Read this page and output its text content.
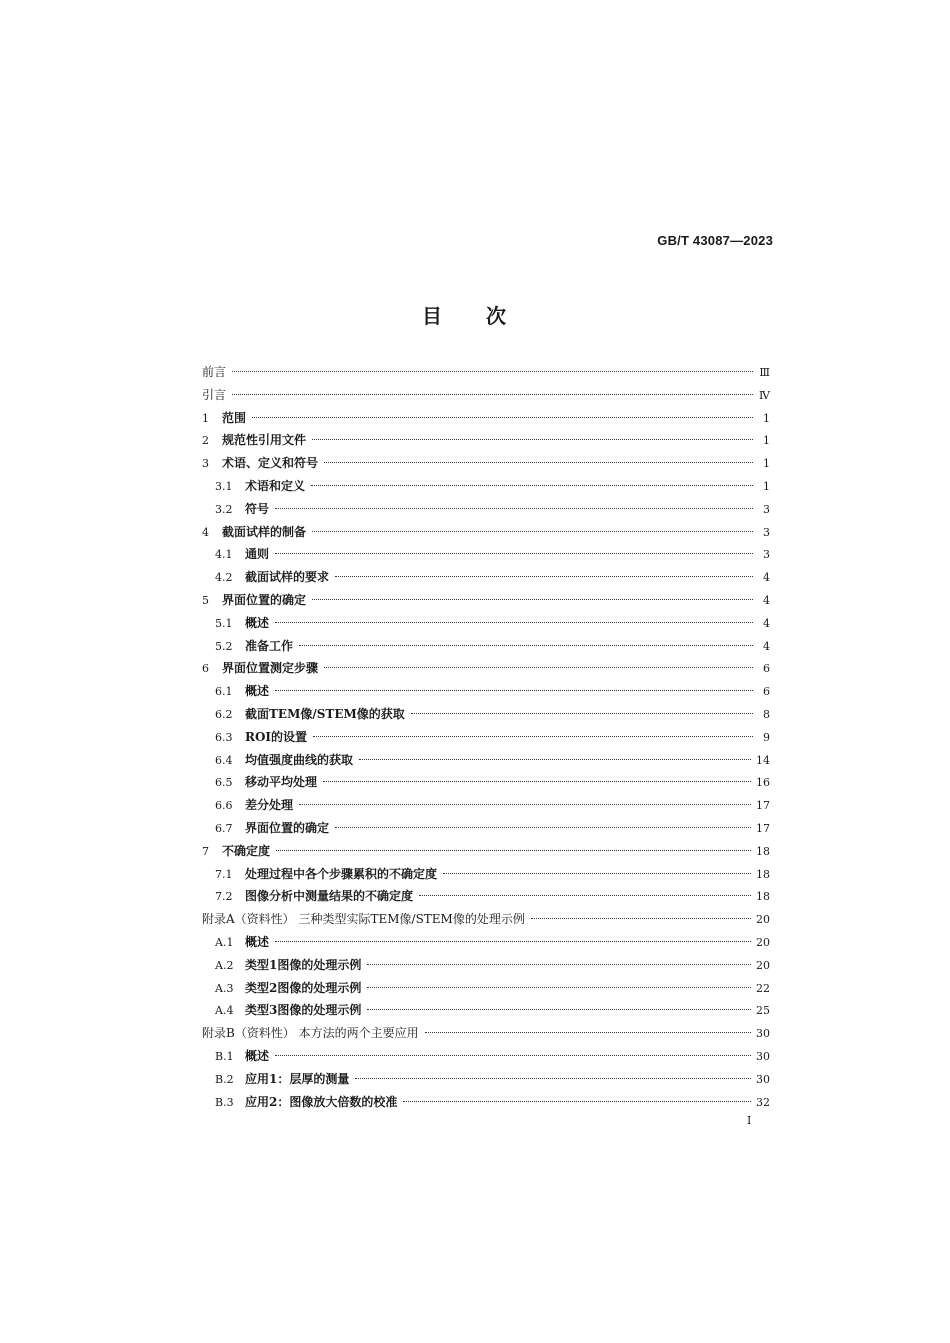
GB/T 43087—2023
目次
前言	Ⅲ
引言	Ⅳ
1	范围	1
2	规范性引用文件	1
3	术语、定义和符号	1
3.1	术语和定义	1
3.2	符号	3
4	截面试样的制备	3
4.1	通则	3
4.2	截面试样的要求	4
5	界面位置的确定	4
5.1	概述	4
5.2	准备工作	4
6	界面位置测定步骤	6
6.1	概述	6
6.2	截面TEM像/STEM像的获取	8
6.3	ROI的设置	9
6.4	均值强度曲线的获取	14
6.5	移动平均处理	16
6.6	差分处理	17
6.7	界面位置的确定	17
7	不确定度	18
7.1	处理过程中各个步骤累积的不确定度	18
7.2	图像分析中测量结果的不确定度	18
附录A（资料性） 三种类型实际TEM像/STEM像的处理示例	20
A.1 概述	20
A.2 类型1图像的处理示例	20
A.3 类型2图像的处理示例	22
A.4 类型3图像的处理示例	25
附录B（资料性） 本方法的两个主要应用	30
B.1 概述	30
B.2 应用1：层厚的测量	30
B.3 应用2：图像放大倍数的校准	32
Ⅰ
